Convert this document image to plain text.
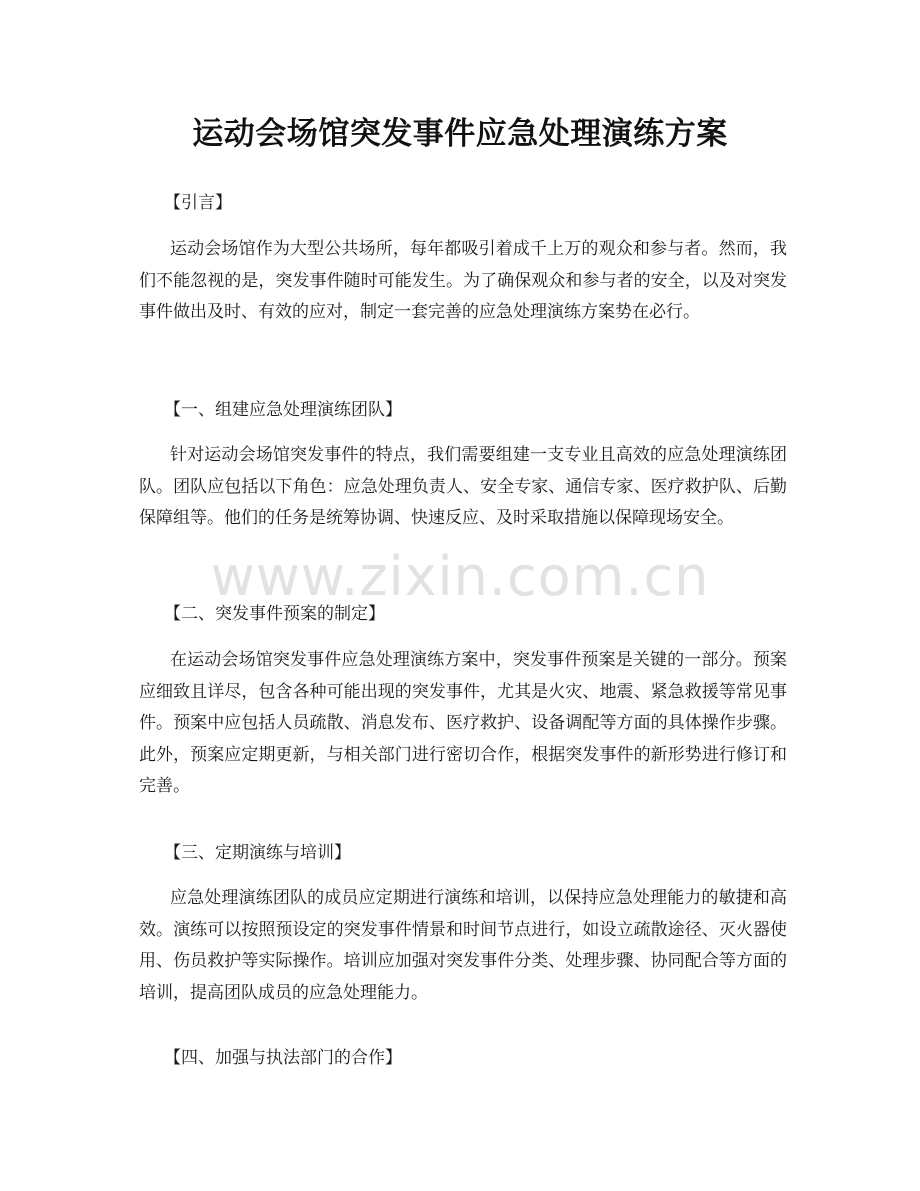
运动会场馆突发事件应急处理演练方案
【引言】
运动会场馆作为大型公共场所，每年都吸引着成千上万的观众和参与者。然而，我们不能忽视的是，突发事件随时可能发生。为了确保观众和参与者的安全，以及对突发事件做出及时、有效的应对，制定一套完善的应急处理演练方案势在必行。
【一、组建应急处理演练团队】
针对运动会场馆突发事件的特点，我们需要组建一支专业且高效的应急处理演练团队。团队应包括以下角色：应急处理负责人、安全专家、通信专家、医疗救护队、后勤保障组等。他们的任务是统筹协调、快速反应、及时采取措施以保障现场安全。
【二、突发事件预案的制定】
在运动会场馆突发事件应急处理演练方案中，突发事件预案是关键的一部分。预案应细致且详尽，包含各种可能出现的突发事件，尤其是火灾、地震、紧急救援等常见事件。预案中应包括人员疏散、消息发布、医疗救护、设备调配等方面的具体操作步骤。此外，预案应定期更新，与相关部门进行密切合作，根据突发事件的新形势进行修订和完善。
【三、定期演练与培训】
应急处理演练团队的成员应定期进行演练和培训，以保持应急处理能力的敏捷和高效。演练可以按照预设定的突发事件情景和时间节点进行，如设立疏散途径、灭火器使用、伤员救护等实际操作。培训应加强对突发事件分类、处理步骤、协同配合等方面的培训，提高团队成员的应急处理能力。
【四、加强与执法部门的合作】
www.zixin.com.cn
